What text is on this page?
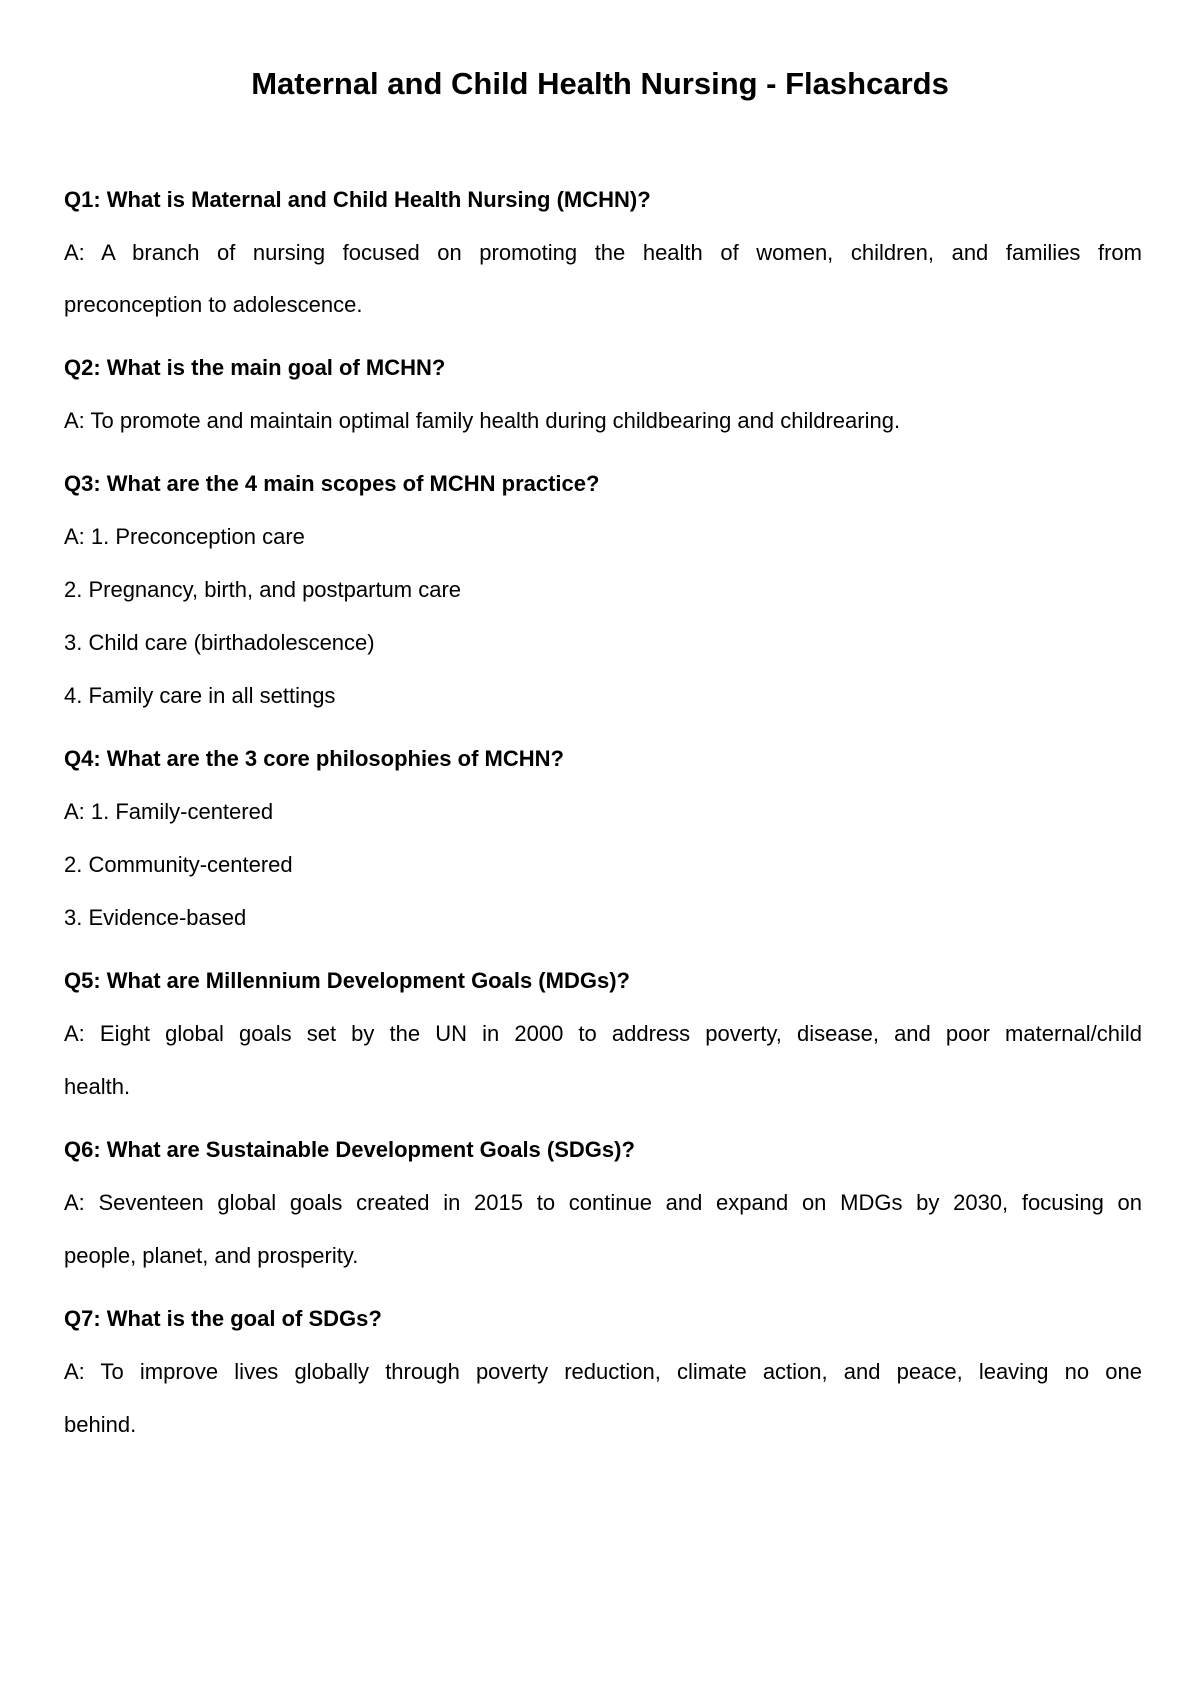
Maternal and Child Health Nursing - Flashcards
Q1: What is Maternal and Child Health Nursing (MCHN)?
A: A branch of nursing focused on promoting the health of women, children, and families from
preconception to adolescence.
Q2: What is the main goal of MCHN?
A: To promote and maintain optimal family health during childbearing and childrearing.
Q3: What are the 4 main scopes of MCHN practice?
A: 1. Preconception care
2. Pregnancy, birth, and postpartum care
3. Child care (birthadolescence)
4. Family care in all settings
Q4: What are the 3 core philosophies of MCHN?
A: 1. Family-centered
2. Community-centered
3. Evidence-based
Q5: What are Millennium Development Goals (MDGs)?
A: Eight global goals set by the UN in 2000 to address poverty, disease, and poor maternal/child
health.
Q6: What are Sustainable Development Goals (SDGs)?
A: Seventeen global goals created in 2015 to continue and expand on MDGs by 2030, focusing on
people, planet, and prosperity.
Q7: What is the goal of SDGs?
A: To improve lives globally through poverty reduction, climate action, and peace, leaving no one
behind.
